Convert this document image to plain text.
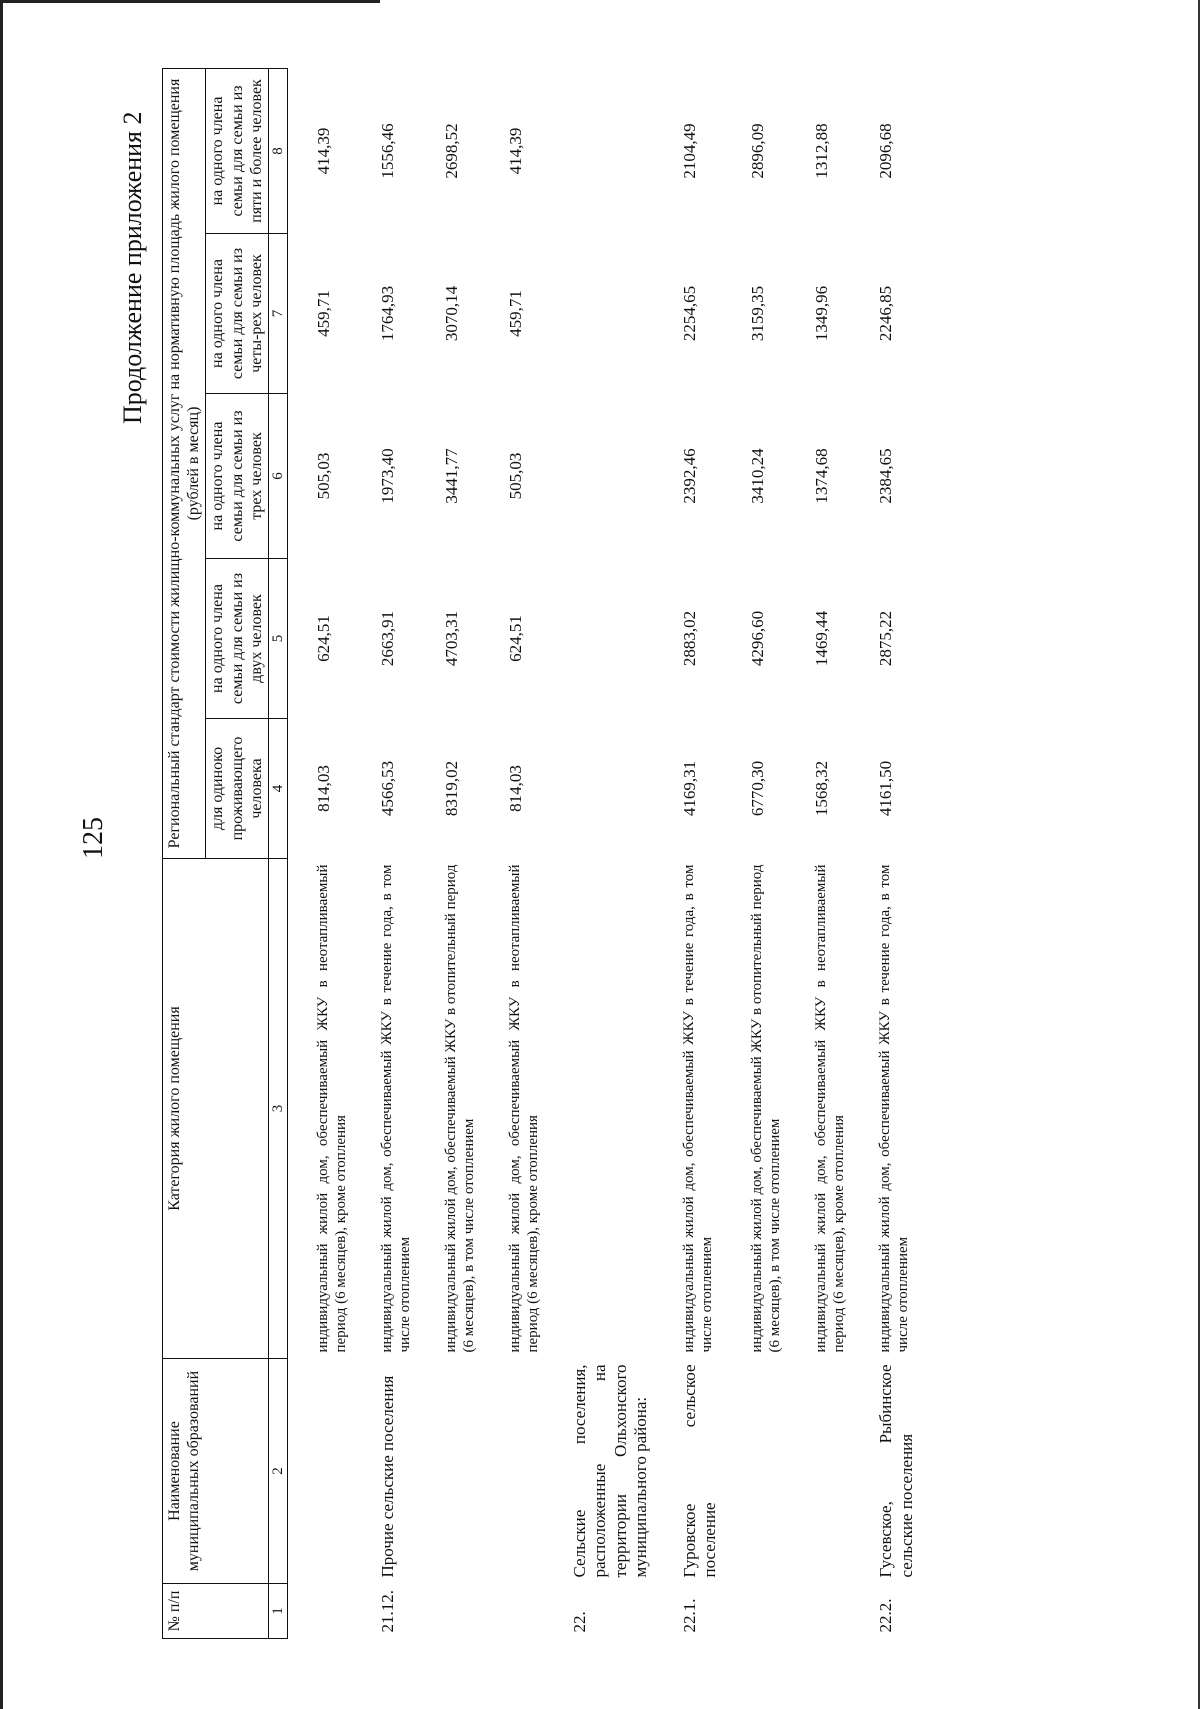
125
Продолжение приложения 2
№ п/п	Наименование муниципальных образований	Категория жилого помещения	Региональный стандарт стоимости жилищно-коммунальных услуг на нормативную площадь жилого помещения (рублей в месяц)				
			для одиноко проживающего человека	на одного члена семьи для семьи из двух человек	на одного члена семьи для семьи из трех человек	на одного члена семьи для семьи из четы-рех человек	на одного члена семьи для семьи из пяти и более человек
1	2	3	4	5	6	7	8
		индивидуальный жилой дом, обеспечиваемый ЖКУ в неотапливаемый период (6 месяцев), кроме отопления	814,03	624,51	505,03	459,71	414,39
21.12.	Прочие сельские поселения	индивидуальный жилой дом, обеспечиваемый ЖКУ в течение года, в том числе отоплением	4566,53	2663,91	1973,40	1764,93	1556,46
		индивидуальный жилой дом, обеспечиваемый ЖКУ в отопительный период (6 месяцев), в том числе отоплением	8319,02	4703,31	3441,77	3070,14	2698,52
		индивидуальный жилой дом, обеспечиваемый ЖКУ в неотапливаемый период (6 месяцев), кроме отопления	814,03	624,51	505,03	459,71	414,39
22.	Сельские поселения, расположенные на территории Ольхонского муниципального района:						
22.1.	Гуровское сельское поселение	индивидуальный жилой дом, обеспечиваемый ЖКУ в течение года, в том числе отоплением	4169,31	2883,02	2392,46	2254,65	2104,49
		индивидуальный жилой дом, обеспечиваемый ЖКУ в отопительный период (6 месяцев), в том числе отоплением	6770,30	4296,60	3410,24	3159,35	2896,09
		индивидуальный жилой дом, обеспечиваемый ЖКУ в неотапливаемый период (6 месяцев), кроме отопления	1568,32	1469,44	1374,68	1349,96	1312,88
22.2.	Гусевское, Рыбинское сельские поселения	индивидуальный жилой дом, обеспечиваемый ЖКУ в течение года, в том числе отоплением	4161,50	2875,22	2384,65	2246,85	2096,68
